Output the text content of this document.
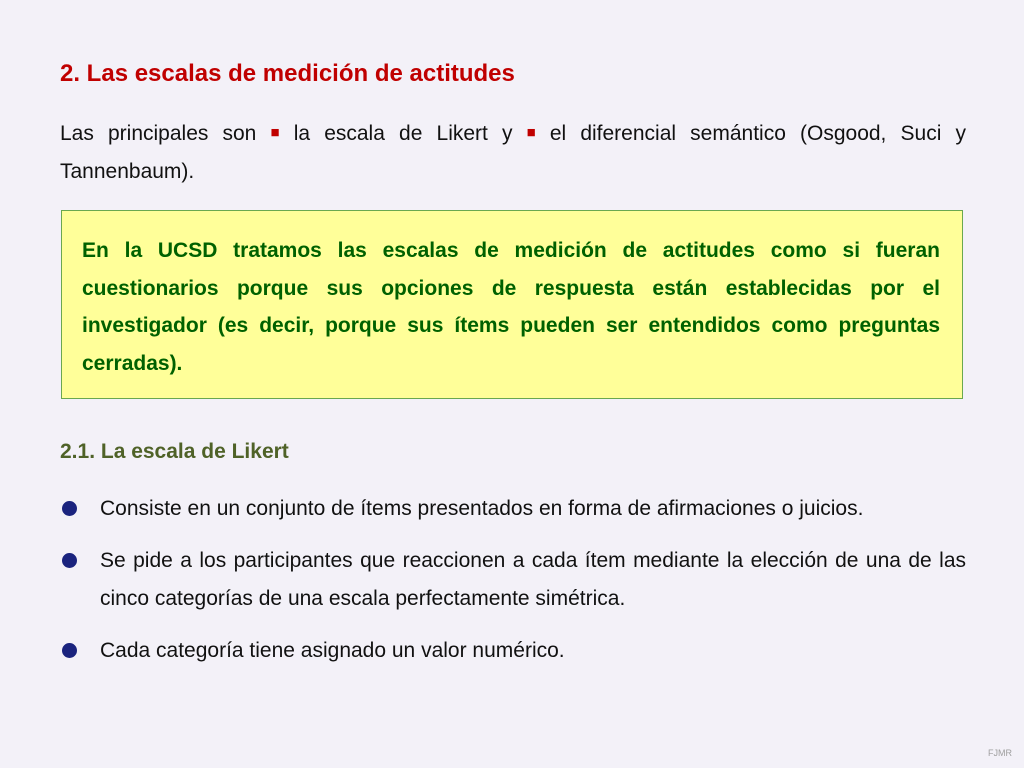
2. Las escalas de medición de actitudes
Las principales son ■ la escala de Likert y ■ el diferencial semántico (Osgood, Suci y Tannenbaum).
En la UCSD tratamos las escalas de medición de actitudes como si fueran cuestionarios porque sus opciones de respuesta están establecidas por el investigador (es decir, porque sus ítems pueden ser entendidos como preguntas cerradas).
2.1. La escala de Likert
Consiste en un conjunto de ítems presentados en forma de afirmaciones o juicios.
Se pide a los participantes que reaccionen a cada ítem mediante la elección de una de las cinco categorías de una escala perfectamente simétrica.
Cada categoría tiene asignado un valor numérico.
FJMR
